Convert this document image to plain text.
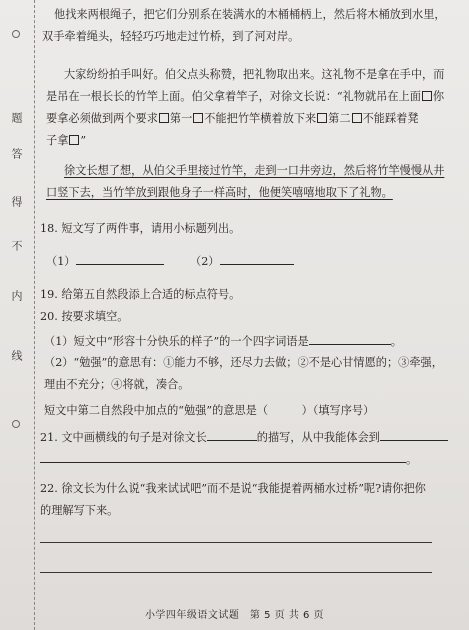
题
答
得
不
内
线
他找来两根绳子，把它们分别系在装满水的木桶桶柄上，然后将木桶放到水里，
双手牵着绳头，轻轻巧巧地走过竹桥，到了河对岸。
大家纷纷拍手叫好。伯父点头称赞，把礼物取出来。这礼物不是拿在手中，而
是吊在一根长长的竹竿上面。伯父拿着竿子，对徐文长说：“礼物就吊在上面 你
要拿必须做到两个要求 第一 不能把竹竿横着放下来 第二 不能踩着凳
子拿 ”
徐文长想了想，从伯父手里接过竹竿，走到一口井旁边，然后将竹竿慢慢从井
口竖下去，当竹竿放到跟他身子一样高时，他便笑嘻嘻地取下了礼物。
18. 短文写了两件事，请用小标题列出。
（1）	（2）
19. 给第五自然段添上合适的标点符号。
20. 按要求填空。
（1）短文中“形容十分快乐的样子”的一个四字词语是	。
（2）“勉强”的意思有：①能力不够，还尽力去做；②不是心甘情愿的；③牵强，
理由不充分；④将就，凑合。
短文中第二自然段中加点的“勉强”的意思是（　　　）（填写序号）
21. 文中画横线的句子是对徐文长	的描写，从中我能体会到
。
22. 徐文长为什么说“我来试试吧”而不是说“我能提着两桶水过桥”呢?请你把你
的理解写下来。
小学四年级语文试题　第 5 页 共 6 页
